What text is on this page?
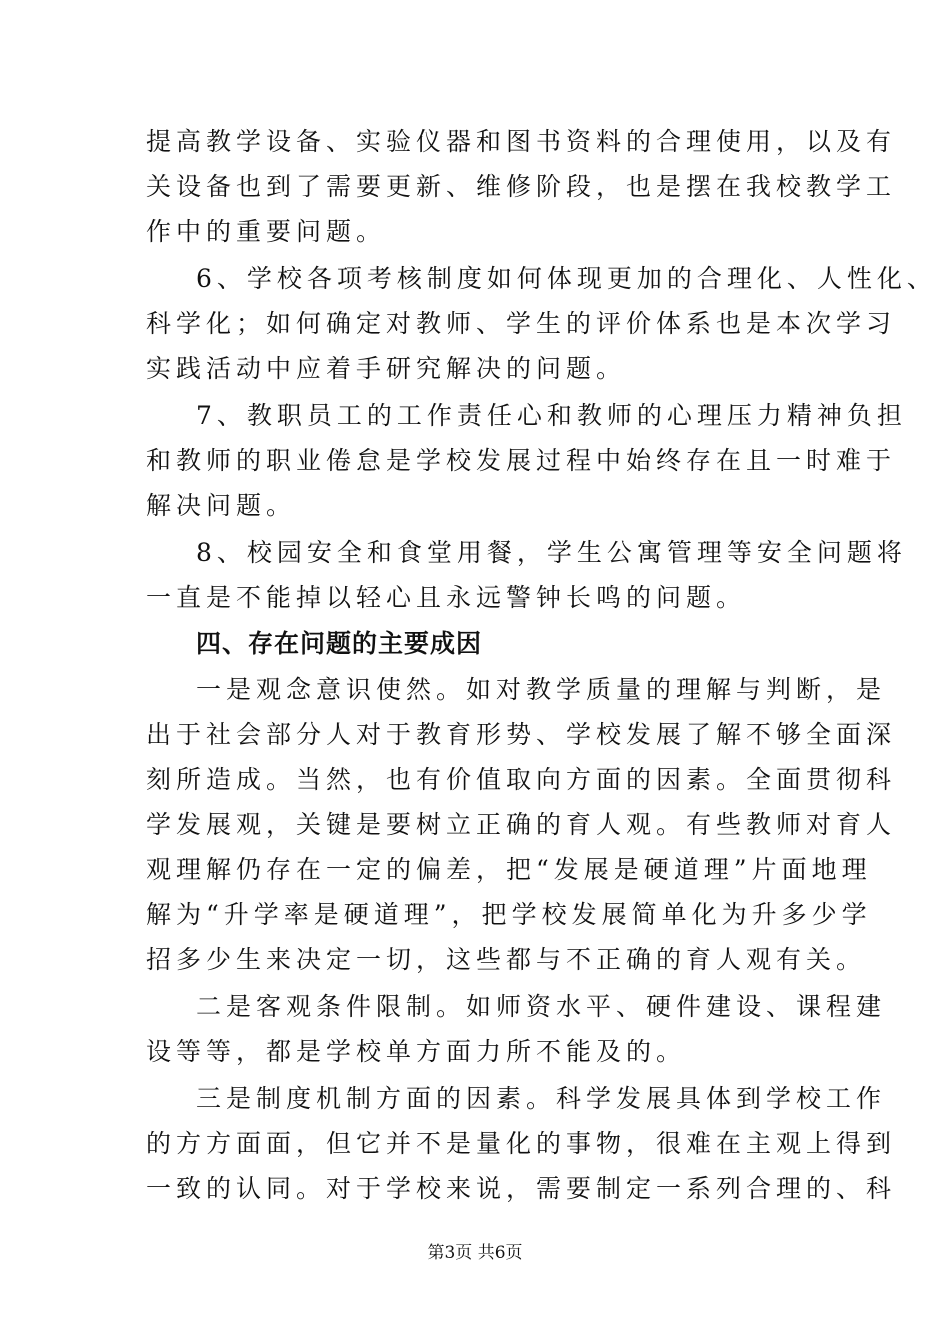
提高教学设备、实验仪器和图书资料的合理使用，以及有
关设备也到了需要更新、维修阶段，也是摆在我校教学工
作中的重要问题。
6、学校各项考核制度如何体现更加的合理化、人性化、
科学化；如何确定对教师、学生的评价体系也是本次学习
实践活动中应着手研究解决的问题。
7、教职员工的工作责任心和教师的心理压力精神负担
和教师的职业倦怠是学校发展过程中始终存在且一时难于
解决问题。
8、校园安全和食堂用餐，学生公寓管理等安全问题将
一直是不能掉以轻心且永远警钟长鸣的问题。
四、存在问题的主要成因
一是观念意识使然。如对教学质量的理解与判断，是
出于社会部分人对于教育形势、学校发展了解不够全面深
刻所造成。当然，也有价值取向方面的因素。全面贯彻科
学发展观，关键是要树立正确的育人观。有些教师对育人
观理解仍存在一定的偏差，把“发展是硬道理”片面地理
解为“升学率是硬道理”，把学校发展简单化为升多少学
招多少生来决定一切，这些都与不正确的育人观有关。
二是客观条件限制。如师资水平、硬件建设、课程建
设等等，都是学校单方面力所不能及的。
三是制度机制方面的因素。科学发展具体到学校工作
的方方面面，但它并不是量化的事物，很难在主观上得到
一致的认同。对于学校来说，需要制定一系列合理的、科
第3页 共6页
